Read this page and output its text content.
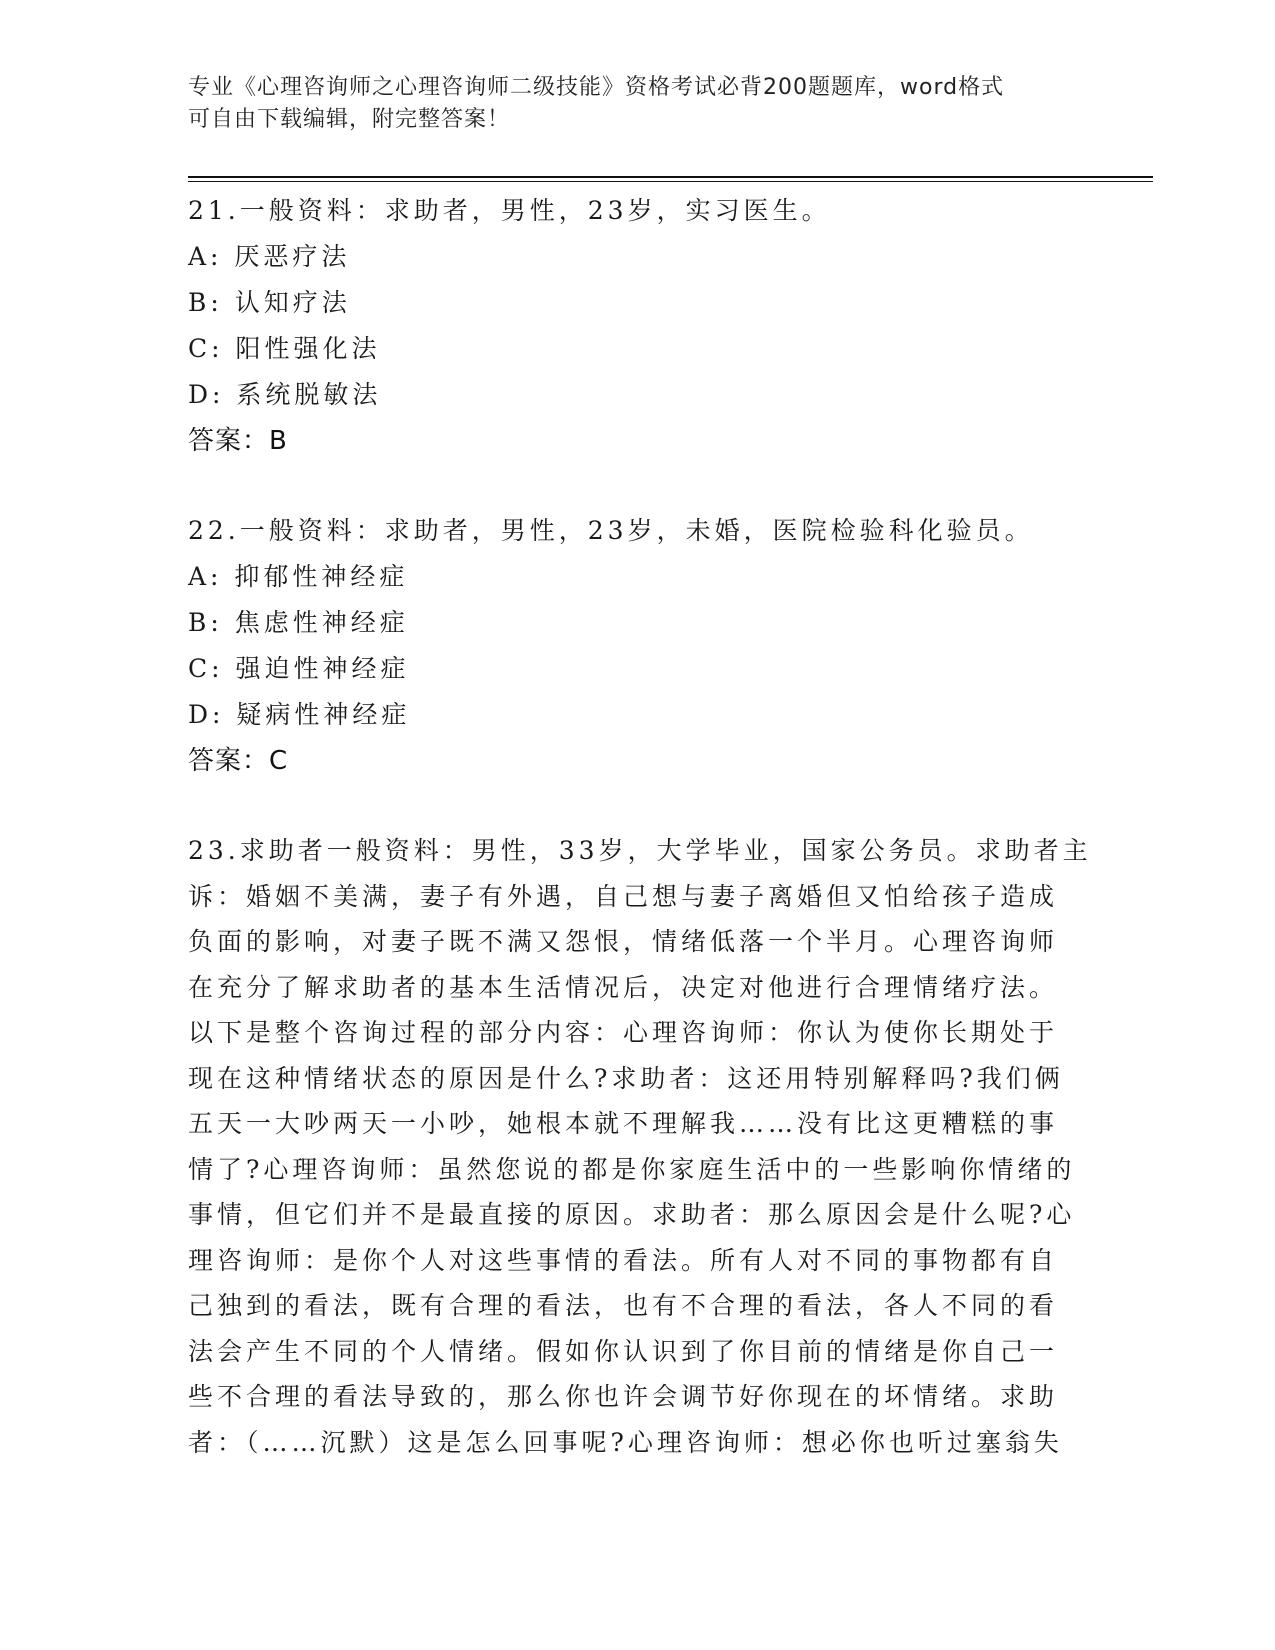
专业《心理咨询师之心理咨询师二级技能》资格考试必背200题题库，word格式
可自由下载编辑，附完整答案！
21.一般资料：求助者，男性，23岁，实习医生。
A: 厌恶疗法
B: 认知疗法
C: 阳性强化法
D: 系统脱敏法
答案：B
22.一般资料：求助者，男性，23岁，未婚，医院检验科化验员。
A: 抑郁性神经症
B: 焦虑性神经症
C: 强迫性神经症
D: 疑病性神经症
答案：C
23.求助者一般资料：男性，33岁，大学毕业，国家公务员。求助者主
诉：婚姻不美满，妻子有外遇，自己想与妻子离婚但又怕给孩子造成
负面的影响，对妻子既不满又怨恨，情绪低落一个半月。心理咨询师
在充分了解求助者的基本生活情况后，决定对他进行合理情绪疗法。
以下是整个咨询过程的部分内容：心理咨询师：你认为使你长期处于
现在这种情绪状态的原因是什么?求助者：这还用特别解释吗?我们俩
五天一大吵两天一小吵，她根本就不理解我……没有比这更糟糕的事
情了?心理咨询师：虽然您说的都是你家庭生活中的一些影响你情绪的
事情，但它们并不是最直接的原因。求助者：那么原因会是什么呢?心
理咨询师：是你个人对这些事情的看法。所有人对不同的事物都有自
己独到的看法，既有合理的看法，也有不合理的看法，各人不同的看
法会产生不同的个人情绪。假如你认识到了你目前的情绪是你自己一
些不合理的看法导致的，那么你也许会调节好你现在的坏情绪。求助
者：（……沉默）这是怎么回事呢?心理咨询师：想必你也听过塞翁失
